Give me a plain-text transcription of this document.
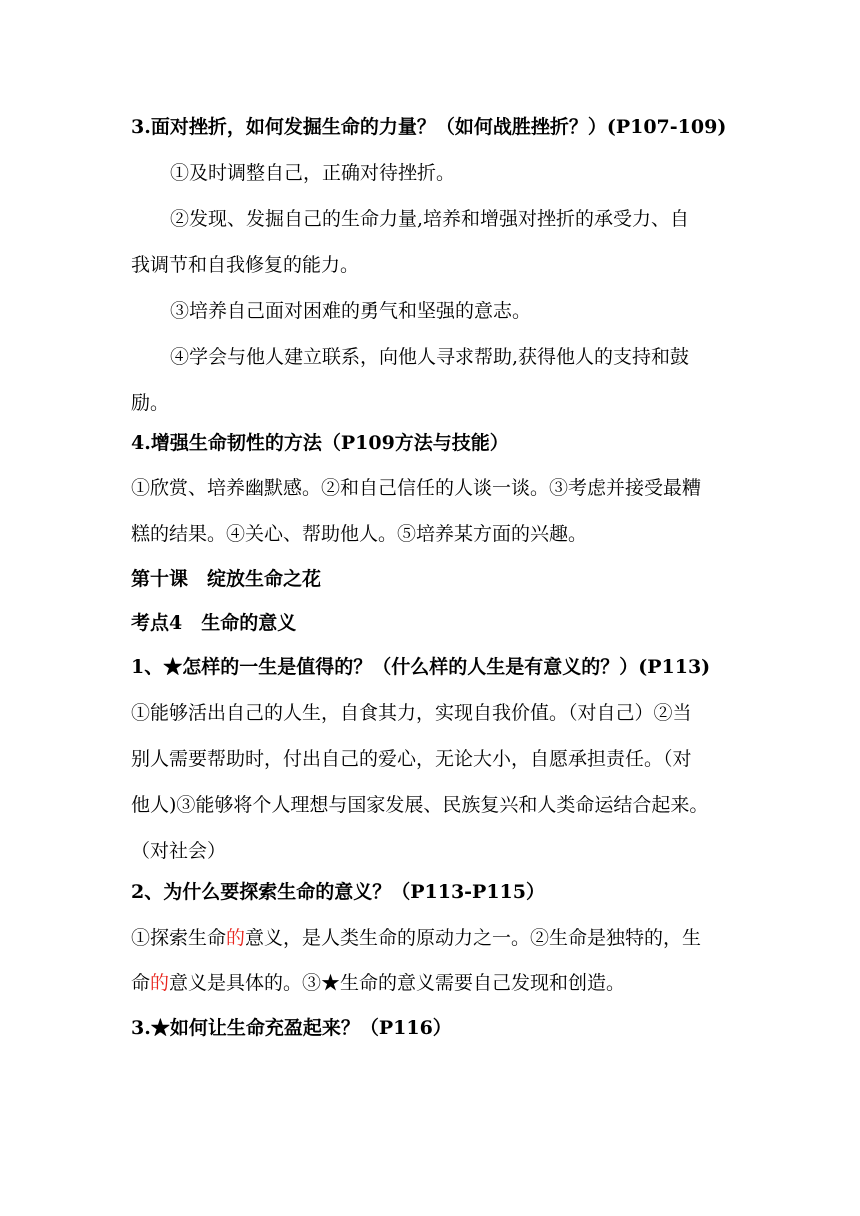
3.面对挫折，如何发掘生命的力量？（如何战胜挫折？）(P107-109)
①及时调整自己，正确对待挫折。
②发现、发掘自己的生命力量,培养和增强对挫折的承受力、自
我调节和自我修复的能力。
③培养自己面对困难的勇气和坚强的意志。
④学会与他人建立联系，向他人寻求帮助,获得他人的支持和鼓
励。
4.增强生命韧性的方法（P109方法与技能）
①欣赏、培养幽默感。②和自己信任的人谈一谈。③考虑并接受最糟
糕的结果。④关心、帮助他人。⑤培养某方面的兴趣。
第十课　绽放生命之花
考点4　生命的意义
1、★怎样的一生是值得的？（什么样的人生是有意义的？）(P113)
①能够活出自己的人生，自食其力，实现自我价值。（对自己）②当
别人需要帮助时，付出自己的爱心，无论大小，自愿承担责任。（对
他人)③能够将个人理想与国家发展、民族复兴和人类命运结合起来。
（对社会）
2、为什么要探索生命的意义？（P113-P115）
①探索生命的意义，是人类生命的原动力之一。②生命是独特的，生
命的意义是具体的。③★生命的意义需要自己发现和创造。
3.★如何让生命充盈起来？（P116）
